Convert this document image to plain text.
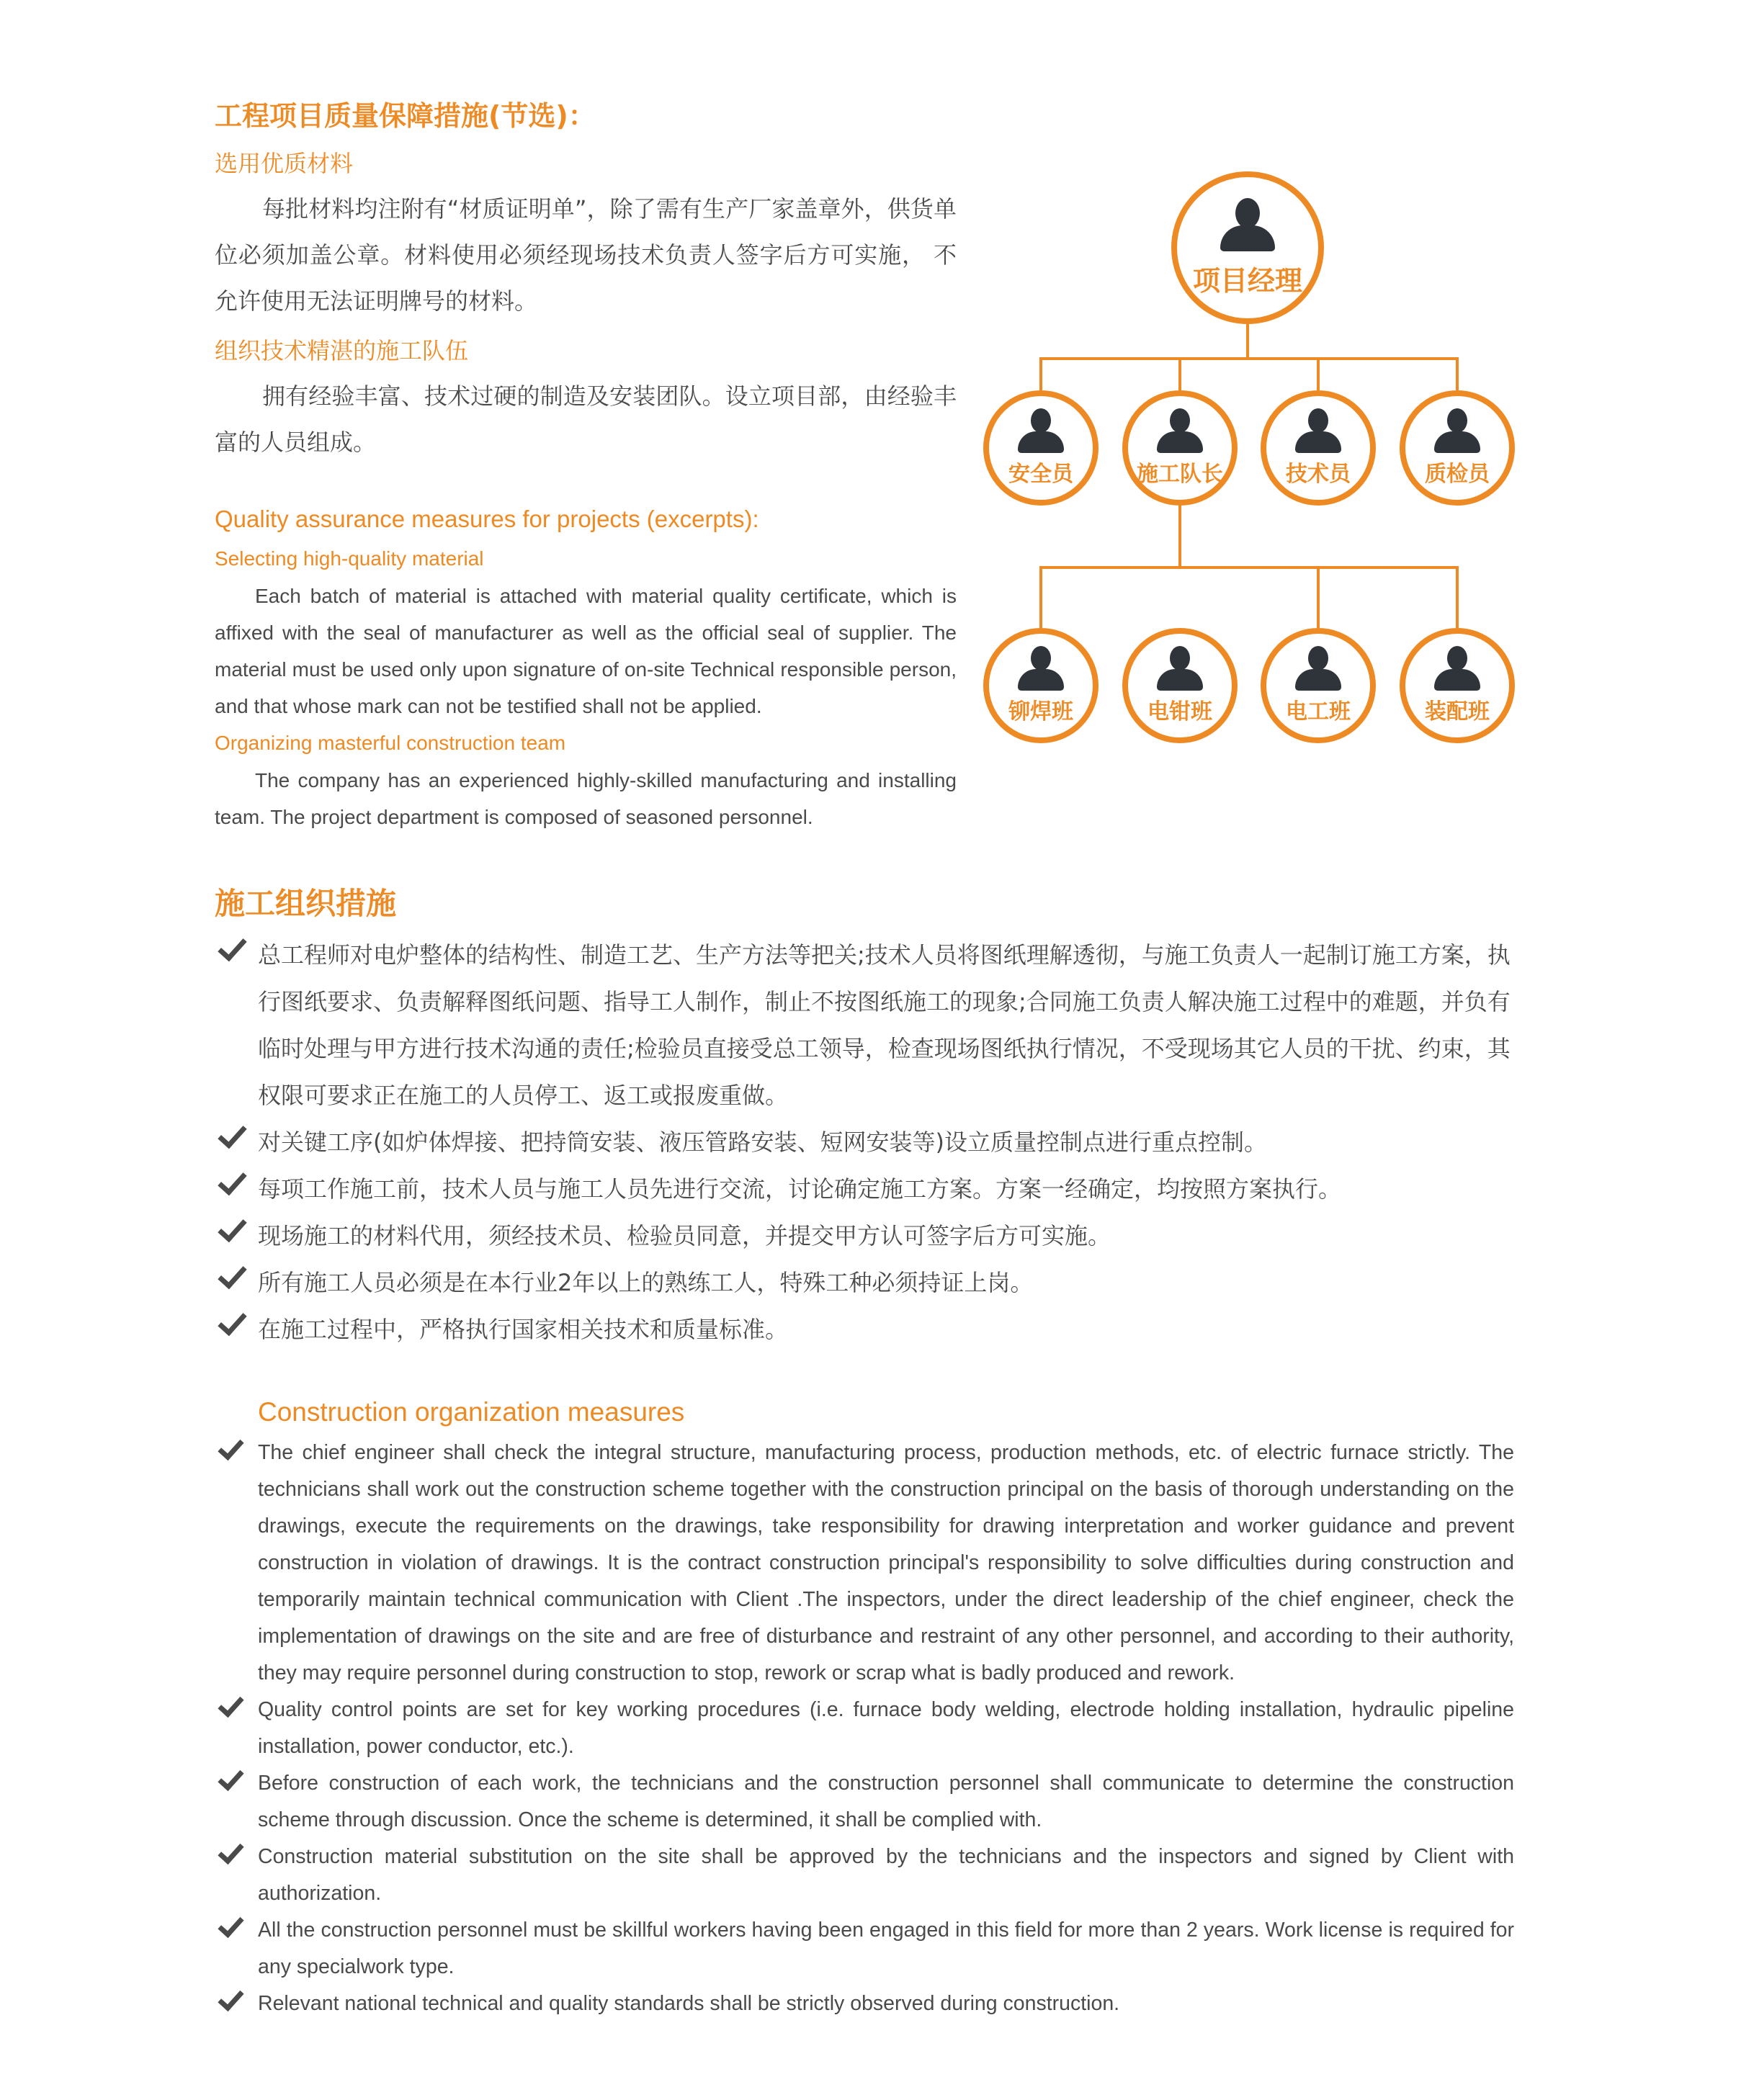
工程项目质量保障措施(节选)：
选用优质材料
每批材料均注附有“材质证明单”，除了需有生产厂家盖章外，供货单位必须加盖公章。材料使用必须经现场技术负责人签字后方可实施， 不允许使用无法证明牌号的材料。
组织技术精湛的施工队伍
拥有经验丰富、技术过硬的制造及安装团队。设立项目部，由经验丰富的人员组成。
Quality assurance measures for projects (excerpts):
Selecting high-quality material
Each batch of material is attached with material quality certificate, which is affixed with the seal of manufacturer as well as the official seal of supplier. The material must be used only upon signature of on-site Technical responsible person, and that whose mark can not be testified shall not be applied.
Organizing masterful construction team
The company has an experienced highly-skilled manufacturing and installing team. The project department is composed of seasoned personnel.
项目经理
安全员	施工队长	技术员	质检员
铆焊班	电钳班	电工班	装配班
施工组织措施
总工程师对电炉整体的结构性、制造工艺、生产方法等把关;技术人员将图纸理解透彻，与施工负责人一起制订施工方案，执行图纸要求、负责解释图纸问题、指导工人制作，制止不按图纸施工的现象;合同施工负责人解决施工过程中的难题，并负有临时处理与甲方进行技术沟通的责任;检验员直接受总工领导，检查现场图纸执行情况，不受现场其它人员的干扰、约束，其权限可要求正在施工的人员停工、返工或报废重做。
对关键工序(如炉体焊接、把持筒安装、液压管路安装、短网安装等)设立质量控制点进行重点控制。
每项工作施工前，技术人员与施工人员先进行交流，讨论确定施工方案。方案一经确定，均按照方案执行。
现场施工的材料代用，须经技术员、检验员同意，并提交甲方认可签字后方可实施。
所有施工人员必须是在本行业2年以上的熟练工人，特殊工种必须持证上岗。
在施工过程中，严格执行国家相关技术和质量标准。
Construction organization measures
The chief engineer shall check the integral structure, manufacturing process, production methods, etc. of electric furnace strictly. The technicians shall work out the construction scheme together with the construction principal on the basis of thorough understanding on the drawings, execute the requirements on the drawings, take responsibility for drawing interpretation and worker guidance and prevent construction in violation of drawings. It is the contract construction principal's responsibility to solve difficulties during construction and temporarily maintain technical communication with Client .The inspectors, under the direct leadership of the chief engineer, check the implementation of drawings on the site and are free of disturbance and restraint of any other personnel, and according to their authority, they may require personnel during construction to stop, rework or scrap what is badly produced and rework.
Quality control points are set for key working procedures (i.e. furnace body welding, electrode holding installation, hydraulic pipeline installation, power conductor, etc.).
Before construction of each work, the technicians and the construction personnel shall communicate to determine the construction scheme through discussion. Once the scheme is determined, it shall be complied with.
Construction material substitution on the site shall be approved by the technicians and the inspectors and signed by Client with authorization.
All the construction personnel must be skillful workers having been engaged in this field for more than 2 years. Work license is required for any specialwork type.
Relevant national technical and quality standards shall be strictly observed during construction.
